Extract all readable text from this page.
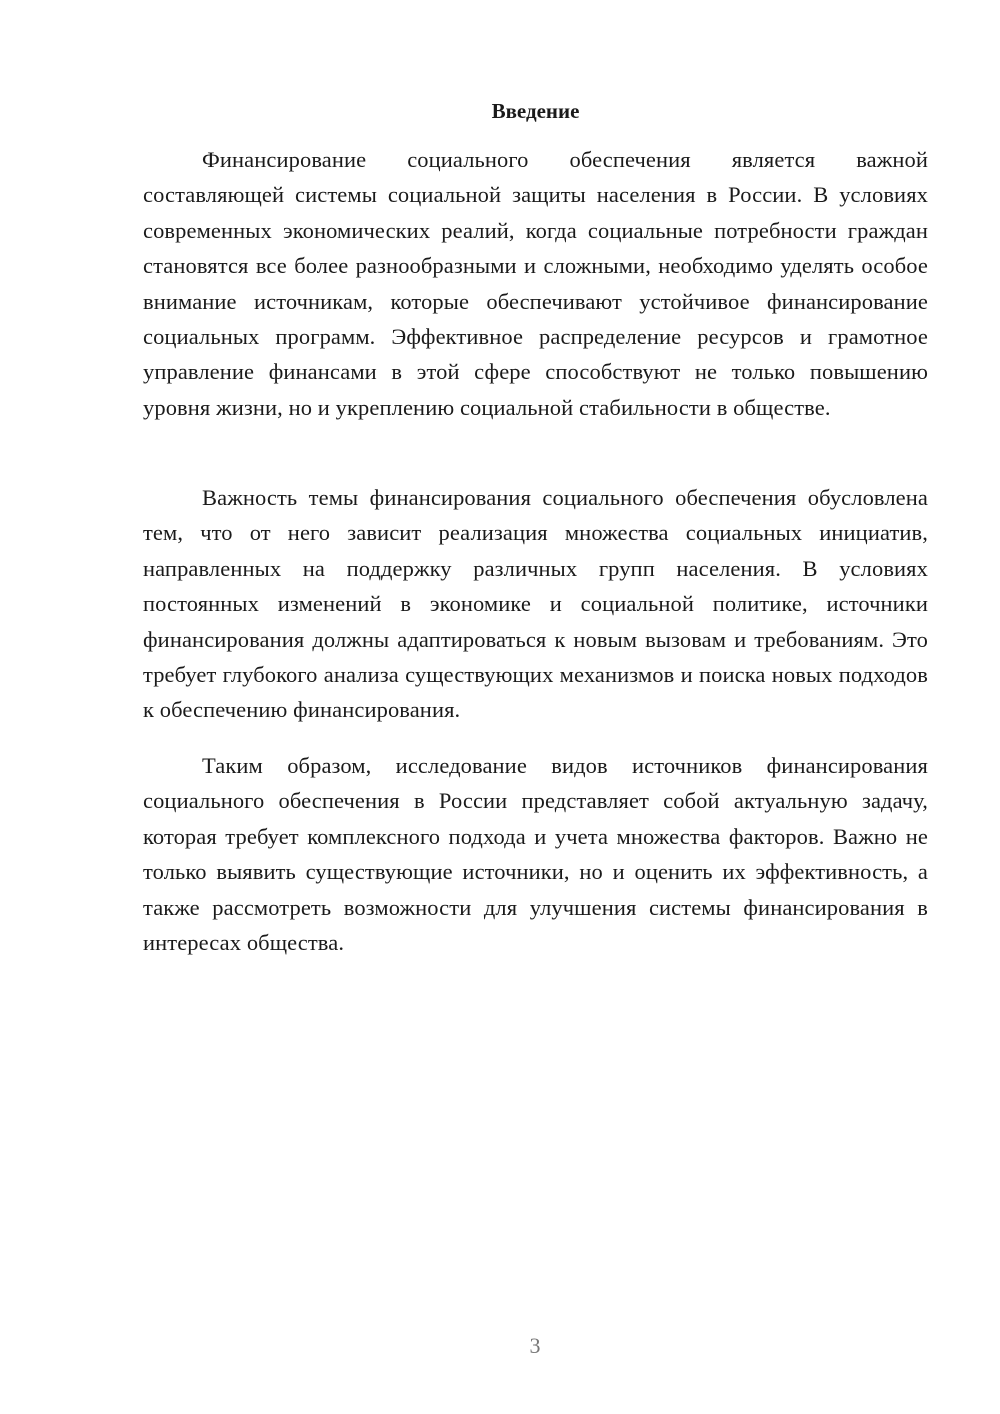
Введение

Финансирование социального обеспечения является важной составляющей системы социальной защиты населения в России. В условиях современных экономических реалий, когда социальные потребности граждан становятся все более разнообразными и сложными, необходимо уделять особое внимание источникам, которые обеспечивают устойчивое финансирование социальных программ. Эффективное распределение ресурсов и грамотное управление финансами в этой сфере способствуют не только повышению уровня жизни, но и укреплению социальной стабильности в обществе.

Важность темы финансирования социального обеспечения обусловлена тем, что от него зависит реализация множества социальных инициатив, направленных на поддержку различных групп населения. В условиях постоянных изменений в экономике и социальной политике, источники финансирования должны адаптироваться к новым вызовам и требованиям. Это требует глубокого анализа существующих механизмов и поиска новых подходов к обеспечению финансирования.

Таким образом, исследование видов источников финансирования социального обеспечения в России представляет собой актуальную задачу, которая требует комплексного подхода и учета множества факторов. Важно не только выявить существующие источники, но и оценить их эффективность, а также рассмотреть возможности для улучшения системы финансирования в интересах общества.

3
